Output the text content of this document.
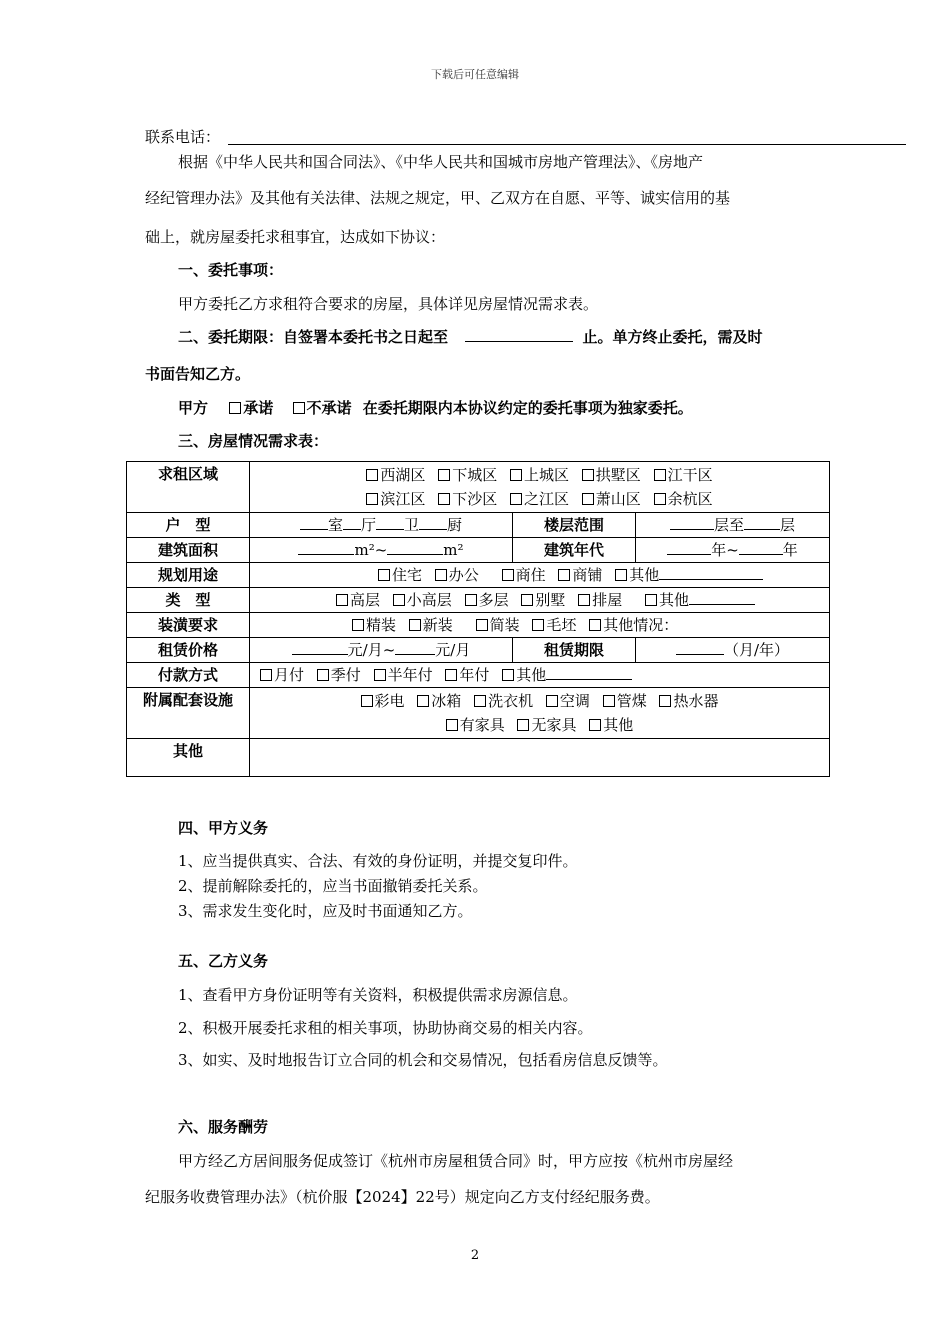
下载后可任意编辑
联系电话：
根据《中华人民共和国合同法》、《中华人民共和国城市房地产管理法》、《房地产
经纪管理办法》及其他有关法律、法规之规定，甲、乙双方在自愿、平等、诚实信用的基
础上，就房屋委托求租事宜，达成如下协议：
一、委托事项：
甲方委托乙方求租符合要求的房屋，具体详见房屋情况需求表。
二、委托期限：自签署本委托书之日起至	止。单方终止委托，需及时
书面告知乙方。
甲方 承诺 不承诺 在委托期限内本协议约定的委托事项为独家委托。
三、房屋情况需求表：
求租区域	西湖区 下城区 上城区 拱墅区 江干区
滨江区 下沙区 之江区 萧山区 余杭区		

户　型	室 厅 卫 厨	楼层范围	层至 层
建筑面积	m²~ m²	建筑年代	年~ 年
规划用途	住宅 办公 商住 商铺 其他		
类　型	高层 小高层 多层 别墅 排屋 其他		
装潢要求	精装 新装 简装 毛坯 其他情况：		
租赁价格	元/月~ 元/月	租赁期限	（月/年）
付款方式	月付 季付 半年付 年付 其他		
附属配套设施	彩电 冰箱 洗衣机 空调 管煤 热水器
有家具 无家具 其他		

其他			
四、甲方义务
1、应当提供真实、合法、有效的身份证明，并提交复印件。
2、提前解除委托的，应当书面撤销委托关系。
3、需求发生变化时，应及时书面通知乙方。
五、乙方义务
1、查看甲方身份证明等有关资料，积极提供需求房源信息。
2、积极开展委托求租的相关事项，协助协商交易的相关内容。
3、如实、及时地报告订立合同的机会和交易情况，包括看房信息反馈等。
六、服务酬劳
甲方经乙方居间服务促成签订《杭州市房屋租赁合同》时，甲方应按《杭州市房屋经
纪服务收费管理办法》（杭价服【2024】22号）规定向乙方支付经纪服务费。
2
